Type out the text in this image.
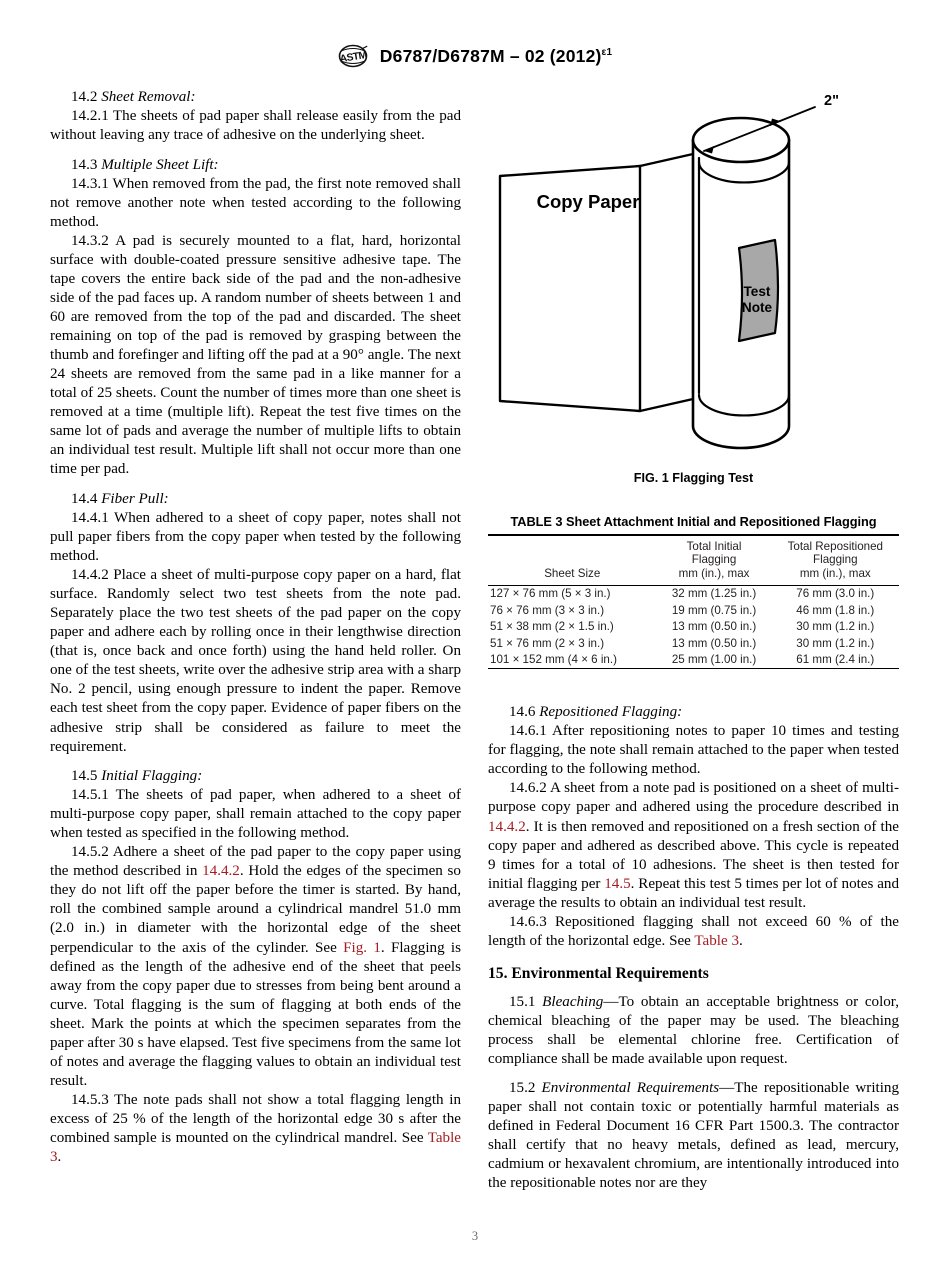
ASTM D6787/D6787M – 02 $(2012)^{\varepsilon 1}$

14.2 Sheet Removal:

14.2.1 The sheets of pad paper shall release easily from the pad without leaving any trace of adhesive on the underlying sheet.

14.3 Multiple Sheet Lift:

14.3.1 When removed from the pad, the first note removed shall not remove another note when tested according to the following method.

14.3.2 A pad is securely mounted to a flat, hard, horizontal surface with double-coated pressure sensitive adhesive tape. The tape covers the entire back side of the pad and the non-adhesive side of the pad faces up. A random number of sheets between 1 and 60 are removed from the top of the pad and discarded. The sheet remaining on top of the pad is removed by grasping between the thumb and forefinger and lifting off the pad at a 90° angle. The next 24 sheets are removed from the same pad in a like manner for a total of 25 sheets. Count the number of times more than one sheet is removed at a time (multiple lift). Repeat the test five times on the same lot of pads and average the number of multiple lifts to obtain an individual test result. Multiple lift shall not occur more than one time per pad.

14.4 Fiber Pull:

14.4.1 When adhered to a sheet of copy paper, notes shall not pull paper fibers from the copy paper when tested by the following method.

14.4.2 Place a sheet of multi-purpose copy paper on a hard, flat surface. Randomly select two test sheets from the note pad. Separately place the two test sheets of the pad paper on the copy paper and adhere each by rolling once in their lengthwise direction (that is, once back and once forth) using the hand held roller. On one of the test sheets, write over the adhesive strip area with a sharp No. 2 pencil, using enough pressure to indent the paper. Remove each test sheet from the copy paper. Evidence of paper fibers on the adhesive strip shall be considered as failure to meet the requirement.

14.5 Initial Flagging:

14.5.1 The sheets of pad paper, when adhered to a sheet of multi-purpose copy paper, shall remain attached to the copy paper when tested as specified in the following method.

14.5.2 Adhere a sheet of the pad paper to the copy paper using the method described in 14.4.2. Hold the edges of the specimen so they do not lift off the paper before the timer is started. By hand, roll the combined sample around a cylindrical mandrel 51.0 mm (2.0 in.) in diameter with the horizontal edge of the sheet perpendicular to the axis of the cylinder. See Fig. 1. Flagging is defined as the length of the adhesive end of the sheet that peels away from the copy paper due to stresses from being bent around a curve. Total flagging is the sum of flagging at both ends of the sheet. Mark the points at which the specimen separates from the paper after 30 s have elapsed. Test five specimens from the same lot of notes and average the flagging values to obtain an individual test result.

14.5.3 The note pads shall not show a total flagging length in excess of 25 % of the length of the horizontal edge 30 s after the combined sample is mounted on the cylindrical mandrel. See Table 3.

Copy Paper
Test
Note
2"
FIG. 1 Flagging Test
TABLE 3 Sheet Attachment Initial and Repositioned Flagging
Sheet Size

Total Initial
Flagging
mm (in.), max

Total Repositioned
Flagging
mm (in.), max

127 × 76 mm (5 × 3 in.)	32 mm (1.25 in.)	76 mm (3.0 in.)
76 × 76 mm (3 × 3 in.)	19 mm (0.75 in.)	46 mm (1.8 in.)
51 × 38 mm (2 × 1.5 in.)	13 mm (0.50 in.)	30 mm (1.2 in.)
51 × 76 mm (2 × 3 in.)	13 mm (0.50 in.)	30 mm (1.2 in.)
101 × 152 mm (4 × 6 in.)	25 mm (1.00 in.)	61 mm (2.4 in.)

14.6 Repositioned Flagging:

14.6.1 After repositioning notes to paper 10 times and testing for flagging, the note shall remain attached to the paper when tested according to the following method.

14.6.2 A sheet from a note pad is positioned on a sheet of multi-purpose copy paper and adhered using the procedure described in 14.4.2. It is then removed and repositioned on a fresh section of the copy paper and adhered as described above. This cycle is repeated 9 times for a total of 10 adhesions. The sheet is then tested for initial flagging per 14.5. Repeat this test 5 times per lot of notes and average the results to obtain an individual test result.

14.6.3 Repositioned flagging shall not exceed 60 % of the length of the horizontal edge. See Table 3.

15. Environmental Requirements

15.1 Bleaching—To obtain an acceptable brightness or color, chemical bleaching of the paper may be used. The bleaching process shall be elemental chlorine free. Certification of compliance shall be made available upon request.

15.2 Environmental Requirements—The repositionable writing paper shall not contain toxic or potentially harmful materials as defined in Federal Document 16 CFR Part 1500.3. The contractor shall certify that no heavy metals, defined as lead, mercury, cadmium or hexavalent chromium, are intentionally introduced into the repositionable notes nor are they

3
